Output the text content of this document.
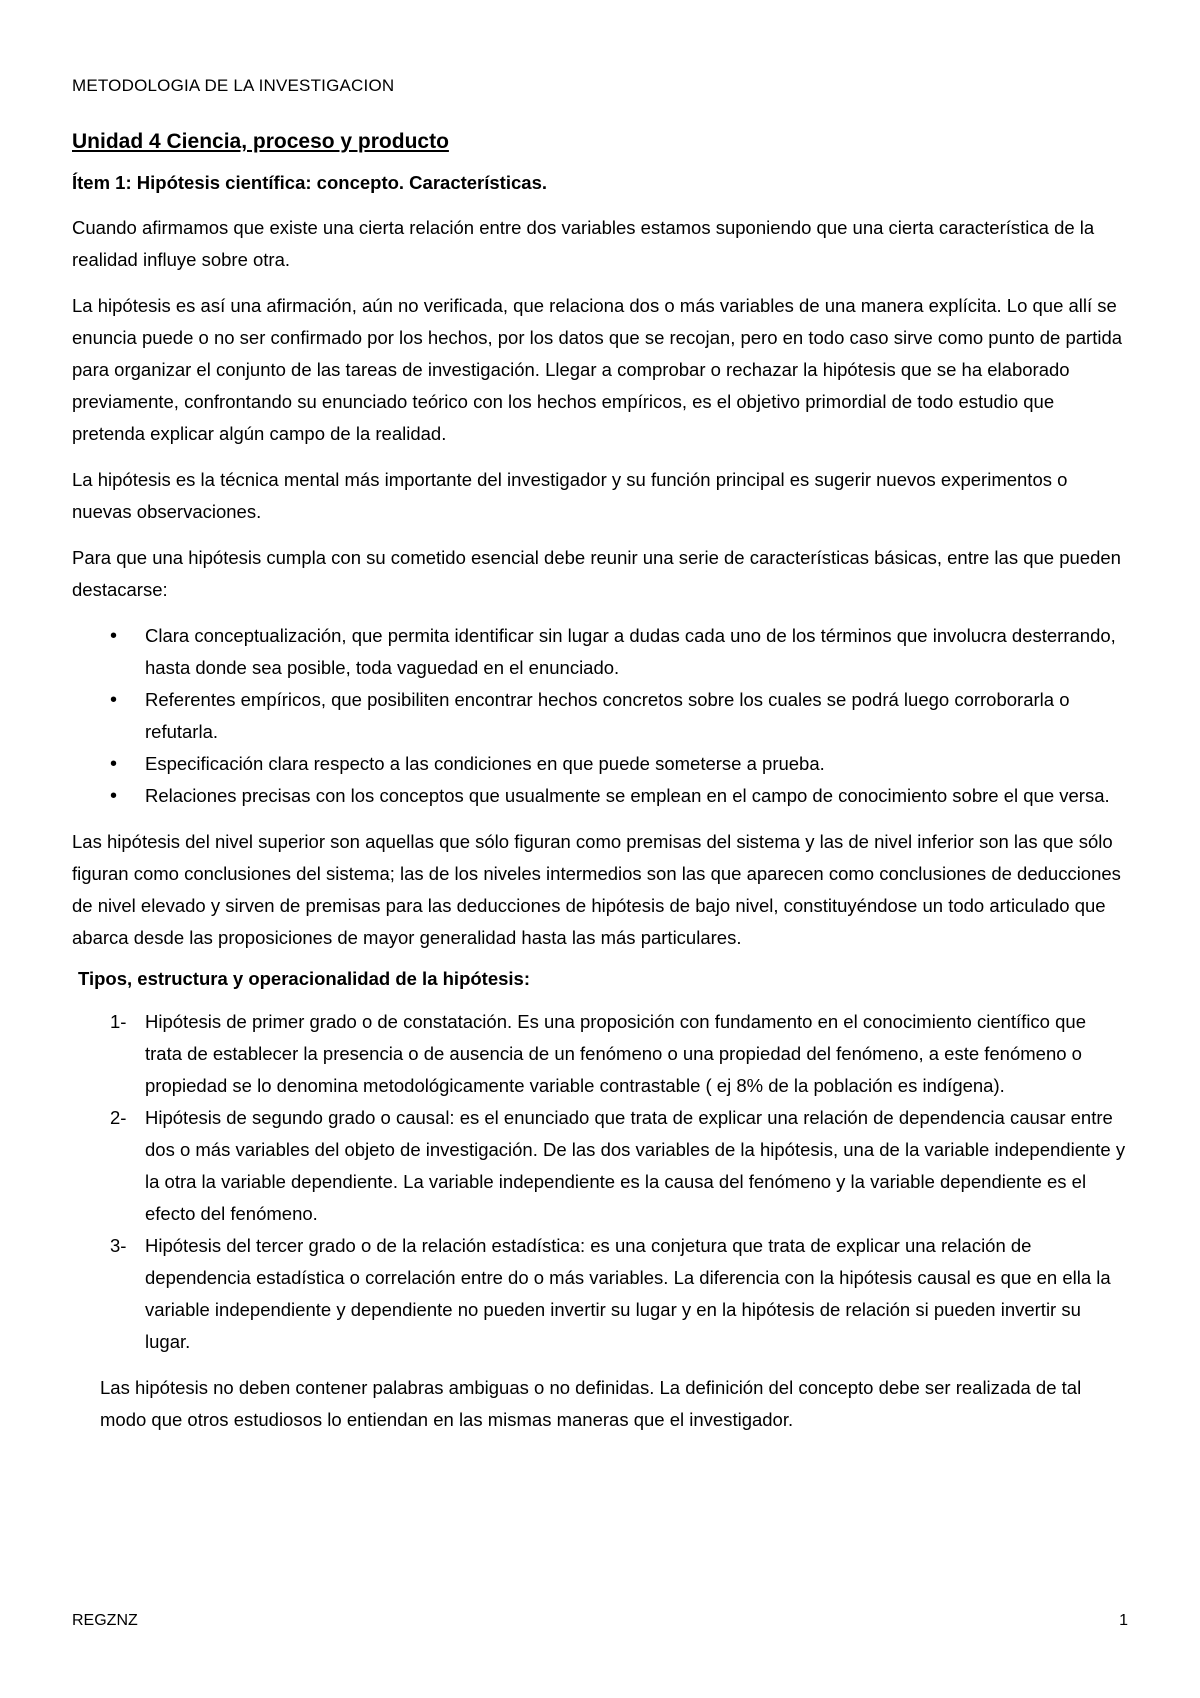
METODOLOGIA DE LA INVESTIGACION
Unidad 4 Ciencia, proceso y producto
Ítem 1: Hipótesis científica: concepto. Características.

Cuando afirmamos que existe una cierta relación entre dos variables estamos suponiendo que una cierta característica de la realidad influye sobre otra.

La hipótesis es así una afirmación, aún no verificada, que relaciona dos o más variables de una manera explícita. Lo que allí se enuncia puede o no ser confirmado por los hechos, por los datos que se recojan, pero en todo caso sirve como punto de partida para organizar el conjunto de las tareas de investigación. Llegar a comprobar o rechazar la hipótesis que se ha elaborado previamente, confrontando su enunciado teórico con los hechos empíricos, es el objetivo primordial de todo estudio que pretenda explicar algún campo de la realidad.

La hipótesis es la técnica mental más importante del investigador y su función principal es sugerir nuevos experimentos o nuevas observaciones.

Para que una hipótesis cumpla con su cometido esencial debe reunir una serie de características básicas, entre las que pueden destacarse:

• Clara conceptualización, que permita identificar sin lugar a dudas cada uno de los términos que involucra desterrando, hasta donde sea posible, toda vaguedad en el enunciado.
• Referentes empíricos, que posibiliten encontrar hechos concretos sobre los cuales se podrá luego corroborarla o refutarla.
• Especificación clara respecto a las condiciones en que puede someterse a prueba.
• Relaciones precisas con los conceptos que usualmente se emplean en el campo de conocimiento sobre el que versa.

Las hipótesis del nivel superior son aquellas que sólo figuran como premisas del sistema y las de nivel inferior son las que sólo figuran como conclusiones del sistema; las de los niveles intermedios son las que aparecen como conclusiones de deducciones de nivel elevado y sirven de premisas para las deducciones de hipótesis de bajo nivel, constituyéndose un todo articulado que abarca desde las proposiciones de mayor generalidad hasta las más particulares.

Tipos, estructura y operacionalidad de la hipótesis:
1- Hipótesis de primer grado o de constatación. Es una proposición con fundamento en el conocimiento científico que trata de establecer la presencia o de ausencia de un fenómeno o una propiedad del fenómeno, a este fenómeno o propiedad se lo denomina metodológicamente variable contrastable ( ej 8% de la población es indígena).
2- Hipótesis de segundo grado o causal: es el enunciado que trata de explicar una relación de dependencia causar entre dos o más variables del objeto de investigación. De las dos variables de la hipótesis, una de la variable independiente y la otra la variable dependiente. La variable independiente es la causa del fenómeno y la variable dependiente es el efecto del fenómeno.
3- Hipótesis del tercer grado o de la relación estadística: es una conjetura que trata de explicar una relación de dependencia estadística o correlación entre do o más variables. La diferencia con la hipótesis causal es que en ella la variable independiente y dependiente no pueden invertir su lugar y en la hipótesis de relación si pueden invertir su lugar.

Las hipótesis no deben contener palabras ambiguas o no definidas. La definición del concepto debe ser realizada de tal modo que otros estudiosos lo entiendan en las mismas maneras que el investigador.

REGZNZ	1
